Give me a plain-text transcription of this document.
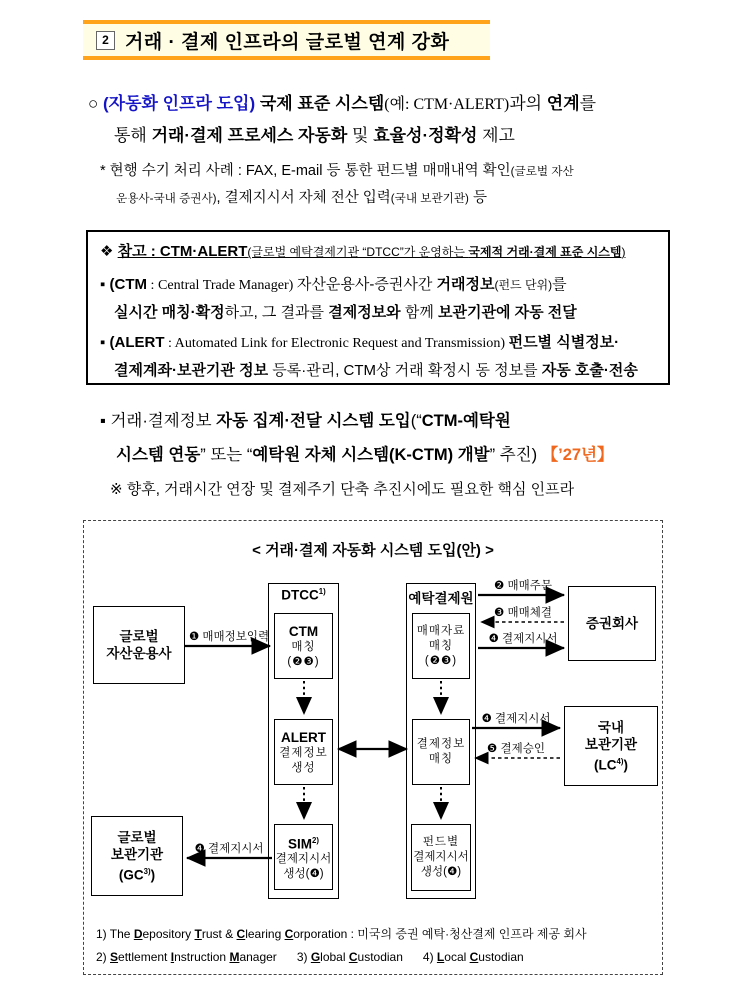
2 거래 · 결제 인프라의 글로벌 연계 강화
○ (자동화 인프라 도입) 국제 표준 시스템(예: CTM·ALERT)과의 연계를
통해 거래·결제 프로세스 자동화 및 효율성·정확성 제고
* 현행 수기 처리 사례 : FAX, E-mail 등 통한 펀드별 매매내역 확인(글로벌 자산
운용사-국내 증권사), 결제지시서 자체 전산 입력(국내 보관기관) 등
❖ 참고 : CTM·ALERT(글로벌 예탁결제기관 “DTCC”가 운영하는 국제적 거래·결제 표준 시스템)
▪ (CTM : Central Trade Manager) 자산운용사-증권사간 거래정보(펀드 단위)를
실시간 매칭·확정하고, 그 결과를 결제정보와 함께 보관기관에 자동 전달
▪ (ALERT : Automated Link for Electronic Request and Transmission) 펀드별 식별정보·
결제계좌·보관기관 정보 등록·관리, CTM상 거래 확정시 동 정보를 자동 호출·전송
▪ 거래·결제정보 자동 집계·전달 시스템 도입(“CTM-예탁원
시스템 연동” 또는 “예탁원 자체 시스템(K-CTM) 개발” 추진) 【’27년】
※ 향후, 거래시간 연장 및 결제주기 단축 추진시에도 필요한 핵심 인프라
< 거래·결제 자동화 시스템 도입(안) >
$DTCC^{1)}$	예탁결제원
❶ 매매정보입력
❷ 매매주문
❸ 매매체결
❹ 결제지시서
❹ 결제지시서
❺ 결제승인
❹ 결제지시서
글로벌
자산운용사
CTM
매칭
(❷❸)
ALERT
결제정보
생성
SIM$^{2)}$
결제지시서
생성(❹)
매매자료
매칭
(❷❸)
결제정보
매칭
펀드별
결제지시서
생성(❹)
증권회사
국내
보관기관
(LC$^{4)}$)
글로벌
보관기관
(GC$^{3)}$)
1) The Depository Trust & Clearing Corporation : 미국의 증권 예탁·청산결제 인프라 제공 회사
2) Settlement Instruction Manager      3) Global Custodian      4) Local Custodian
